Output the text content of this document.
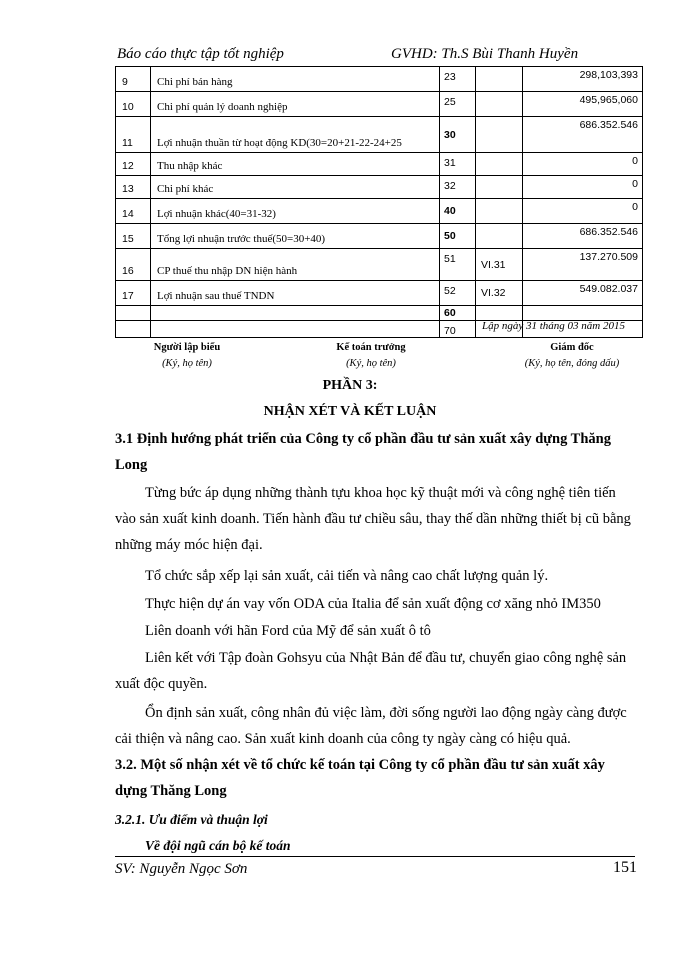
Báo cáo thực tập tốt nghiệp	GVHD: Th.S Bùi Thanh Huyền
9	Chi phí bán hàng	23		298,103,393
10	Chi phí quản lý doanh nghiệp	25		495,965,060
11	Lợi nhuận thuần từ hoạt động KD(30=20+21-22-24+25	30		686.352.546
12	Thu nhập khác	31		0
13	Chi phí khác	32		0
14	Lợi nhuận khác(40=31-32)	40		0
15	Tổng lợi nhuận trước thuế(50=30+40)	50		686.352.546
16	CP thuế thu nhập DN hiện hành	51	VI.31	137.270.509
17	Lợi nhuận sau thuế TNDN	52	VI.32	549.082.037
		60		
		70		Lập ngày 31 tháng 03 năm 2015
Người lập biểu
(Ký, họ tên)
Kế toán trưởng
(Ký, họ tên)
Giám đốc
(Ký, họ tên, đóng dấu)
PHẦN 3:
NHẬN XÉT VÀ KẾT LUẬN
3.1 Định hướng phát triển của Công ty cổ phần đầu tư sản xuất xây dựng Thăng Long
Từng bức áp dụng những thành tựu khoa học kỹ thuật mới và công nghệ tiên tiến vào sản xuất kinh doanh. Tiến hành đầu tư chiều sâu, thay thế dần những thiết bị cũ bằng những máy móc hiện đại.
Tổ chức sắp xếp lại sản xuất, cải tiến và nâng cao chất lượng quản lý.
Thực hiện dự án vay vốn ODA của Italia để sản xuất động cơ xăng nhỏ IM350
Liên doanh với hãn Ford của Mỹ để sản xuất ô tô
Liên kết với Tập đoàn Gohsyu của Nhật Bản để đầu tư, chuyển giao công nghệ sản xuất độc quyền.
Ổn định sản xuất, công nhân đủ việc làm, đời sống người lao động ngày càng được cải thiện và nâng cao. Sản xuất kinh doanh của công ty ngày càng có hiệu quả.
3.2. Một số nhận xét về tổ chức kế toán tại Công ty cổ phần đầu tư sản xuất xây dựng Thăng Long
3.2.1. Ưu điểm và thuận lợi
Về đội ngũ cán bộ kế toán
SV: Nguyễn Ngọc Sơn	151
